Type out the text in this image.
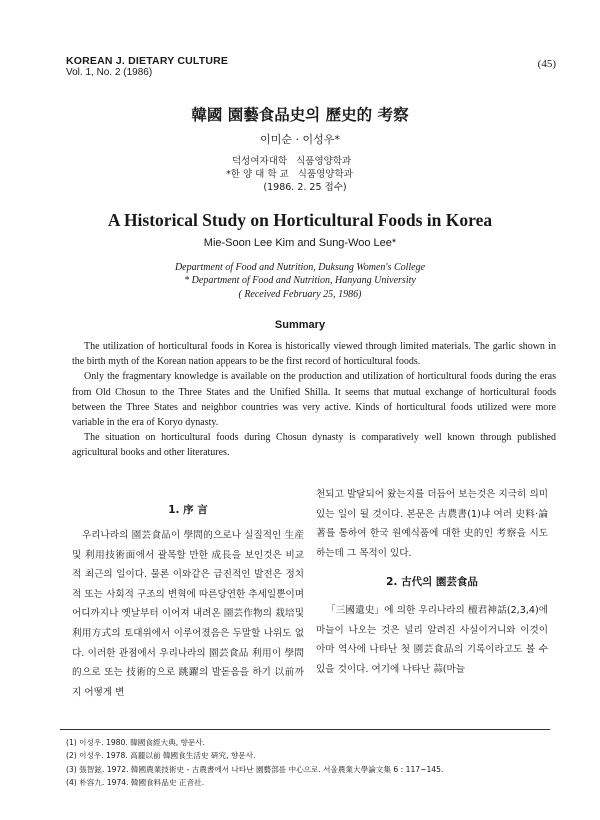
KOREAN J. DIETARY CULTURE
Vol. 1, No. 2 (1986)
(45)
韓國 園藝食品史의 歷史的 考察
이미순 · 이성우*
덕성여자대학   식품영양학과
*한 양 대 학 교   식품영양학과
(1986. 2. 25 접수)
A Historical Study on Horticultural Foods in Korea
Mie-Soon Lee Kim and Sung-Woo Lee*
Department of Food and Nutrition, Duksung Women's College
* Department of Food and Nutrition, Hanyang University
( Received February 25, 1986)
Summary

The utilization of horticultural foods in Korea is historically viewed through limited materials. The garlic shown in the birth myth of the Korean nation appears to be the first record of horticultural foods.

Only the fragmentary knowledge is available on the production and utilization of horticultural foods during the eras from Old Chosun to the Three States and the Unified Shilla. It seems that mutual exchange of horticultural foods between the Three States and neighbor countries was very active. Kinds of horticultural foods utilized were more variable in the era of Koryo dynasty.

The situation on horticultural foods during Chosun dynasty is comparatively well known through published agricultural books and other literatures.

1. 序 言

우리나라의 園芸食品이 學問的으로나 실질적인 生産및 利用技術面에서 괄목할 만한 成長을 보인것은 비교적 최근의 일이다. 물론 이와같은 급진적인 발전은 정치적 또는 사회적 구조의 변혁에 따른당연한 추세일뿐이며 어디까지나 옛날부터 이어져 내려온 園芸作物의 栽培및 利用方式의 토대위에서 이루어졌음은 두말할 나위도 없다. 이러한 관점에서 우리나라의 園芸食品 利用이 學問的으로 또는 技術的으로 跳躍의 발돋음을 하기 以前까지 어떻게 변

천되고 발달되어 왔는지를 더듬어 보는것은 지극히 의미있는 일이 될 것이다. 본문은 古農書(1)냐 여러 史料·論著를 통하여 한국 원예식품에 대한 史的인 考察을 시도하는데 그 목적이 있다.

2. 古代의 園芸食品

「三國遺史」에 의한 우리나라의 檀君神話(2,3,4)에 마늘이 나오는 것은 널리 알려진 사실이거니와 이것이 아마 역사에 나타난 첫 園芸食品의 기록이라고도 볼 수 있을 것이다. 여기에 나타난 蒜(마늘

(1) 이성우. 1980. 韓國食經大典, 향문사.
(2) 이성우. 1978. 高麗以前 韓國食生活史 硏究, 향문사.
(3) 張智鉉. 1972. 韓國農業技術史 - 古農書에서 나타난 園藝部를 中心으로. 서울農業大學論文集 6 : 117~145.
(4) 朴容九. 1974. 韓國食料品史 正音社.
